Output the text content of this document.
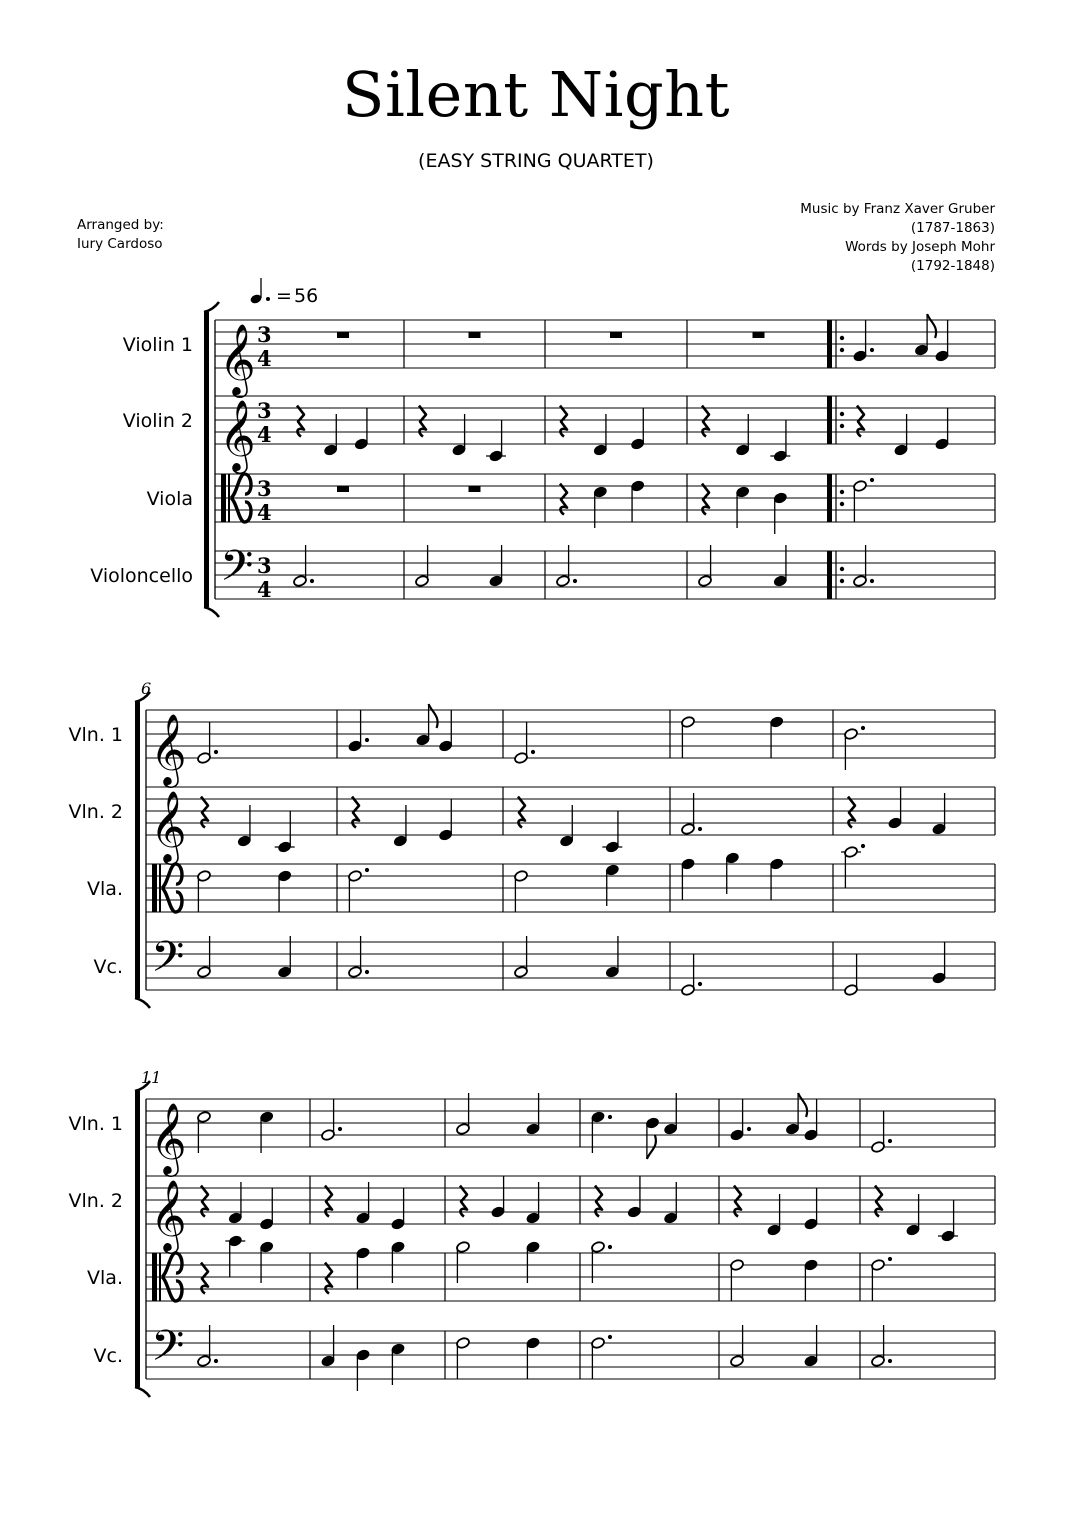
Silent Night
(EASY STRING QUARTET)
Arranged by:
Iury Cardoso
Music by Franz Xaver Gruber
(1787-1863)
Words by Joseph Mohr
(1792-1848)
Violin 1 𝄞
Violin 2 𝄞
Viola
Violoncello 𝄢
3
4
3
4
3
4
3
4
= 56
Vln. 1 𝄞
Vln. 2 𝄞
Vla.
Vc. 𝄢
6
Vln. 1 𝄞
Vln. 2 𝄞
Vla.
Vc. 𝄢
11
